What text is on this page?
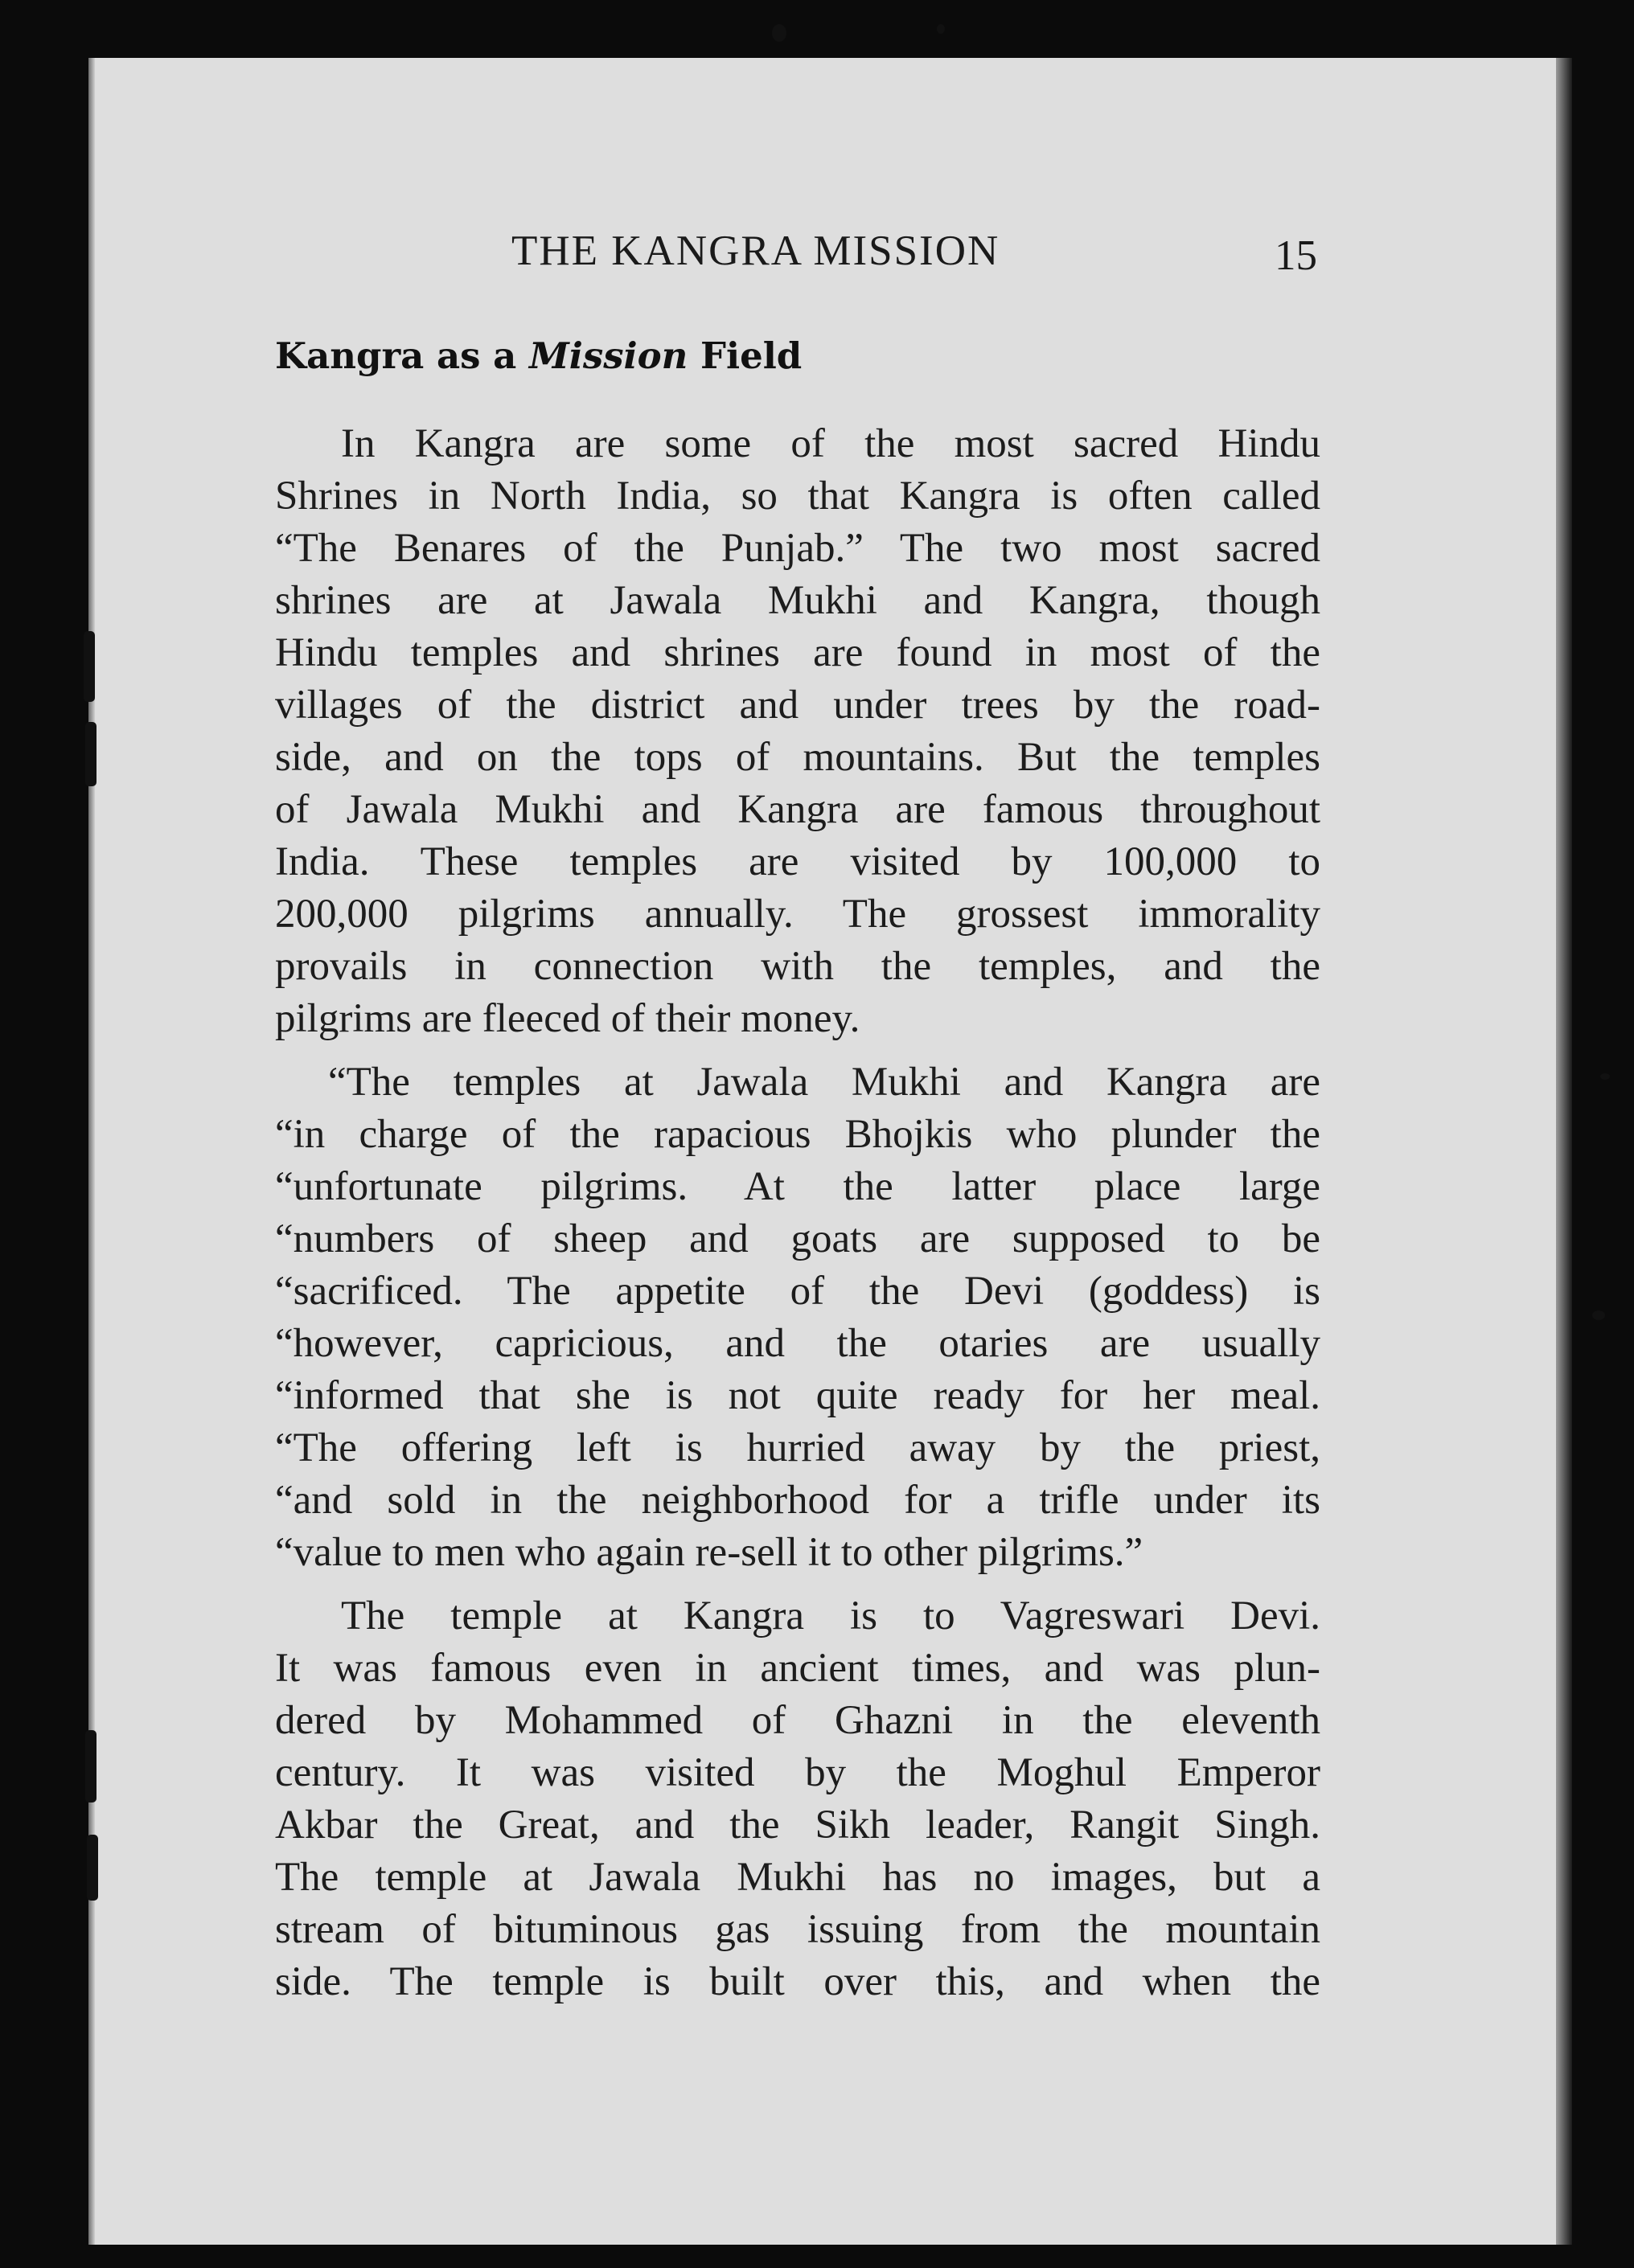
THE KANGRA MISSION	15
Kangra as a Mission Field
In Kangra are some of the most sacred Hindu
Shrines in North India, so that Kangra is often called
“The Benares of the Punjab.” The two most sacred
shrines are at Jawala Mukhi and Kangra, though
Hindu temples and shrines are found in most of the
villages of the district and under trees by the road-
side, and on the tops of mountains. But the temples
of Jawala Mukhi and Kangra are famous throughout
India. These temples are visited by 100,000 to
200,000 pilgrims annually. The grossest immorality
provails in connection with the temples, and the
pilgrims are fleeced of their money.
“The temples at Jawala Mukhi and Kangra are
“in charge of the rapacious Bhojkis who plunder the
“unfortunate pilgrims. At the latter place large
“numbers of sheep and goats are supposed to be
“sacrificed. The appetite of the Devi (goddess) is
“however, capricious, and the otaries are usually
“informed that she is not quite ready for her meal.
“The offering left is hurried away by the priest,
“and sold in the neighborhood for a trifle under its
“value to men who again re-sell it to other pilgrims.”
The temple at Kangra is to Vagreswari Devi.
It was famous even in ancient times, and was plun-
dered by Mohammed of Ghazni in the eleventh
century. It was visited by the Moghul Emperor
Akbar the Great, and the Sikh leader, Rangit Singh.
The temple at Jawala Mukhi has no images, but a
stream of bituminous gas issuing from the mountain
side. The temple is built over this, and when the
